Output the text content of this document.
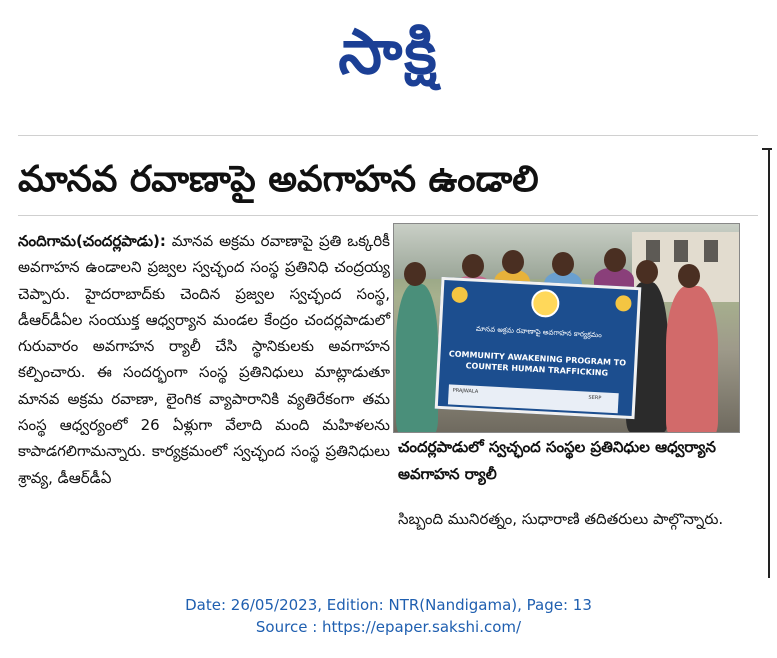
సాక్షి
మానవ రవాణాపై అవగాహన ఉండాలి
నందిగామ(చందర్లపాడు): మానవ అక్రమ రవాణాపై ప్రతి ఒక్కరికీ అవగాహన ఉండాలని ప్రజ్వల స్వచ్ఛంద సంస్థ ప్రతినిధి చంద్రయ్య చెప్పారు. హైదరాబాద్‌కు చెందిన ప్రజ్వల స్వచ్ఛంద సంస్థ, డీఆర్‌డీఏల సంయుక్త ఆధ్వర్యాన మండల కేంద్రం చందర్లపాడులో గురువారం అవగాహన ర్యాలీ చేసి స్థానికులకు అవగాహన కల్పించారు. ఈ సందర్భంగా సంస్థ ప్రతినిధులు మాట్లాడుతూ మానవ అక్రమ రవాణా, లైంగిక వ్యాపారానికి వ్యతిరేకంగా తమ సంస్థ ఆధ్వర్యంలో 26 ఏళ్లుగా వేలాది మంది మహిళలను కాపాడగలిగామన్నారు. కార్యక్రమంలో స్వచ్ఛంద సంస్థ ప్రతినిధులు శ్రావ్య, డీఆర్‌డీఏ
మానవ అక్రమ రవాణాపై అవగాహన కార్యక్రమం
COMMUNITY AWAKENING PROGRAM TO COUNTER HUMAN TRAFFICKING
PRAJWALA
SERP
చందర్లపాడులో స్వచ్ఛంద సంస్థల ప్రతినిధుల ఆధ్వర్యాన అవగాహన ర్యాలీ
సిబ్బంది మునిరత్నం, సుధారాణి తదితరులు పాల్గొన్నారు.
Date: 26/05/2023, Edition: NTR(Nandigama), Page: 13
Source : https://epaper.sakshi.com/
